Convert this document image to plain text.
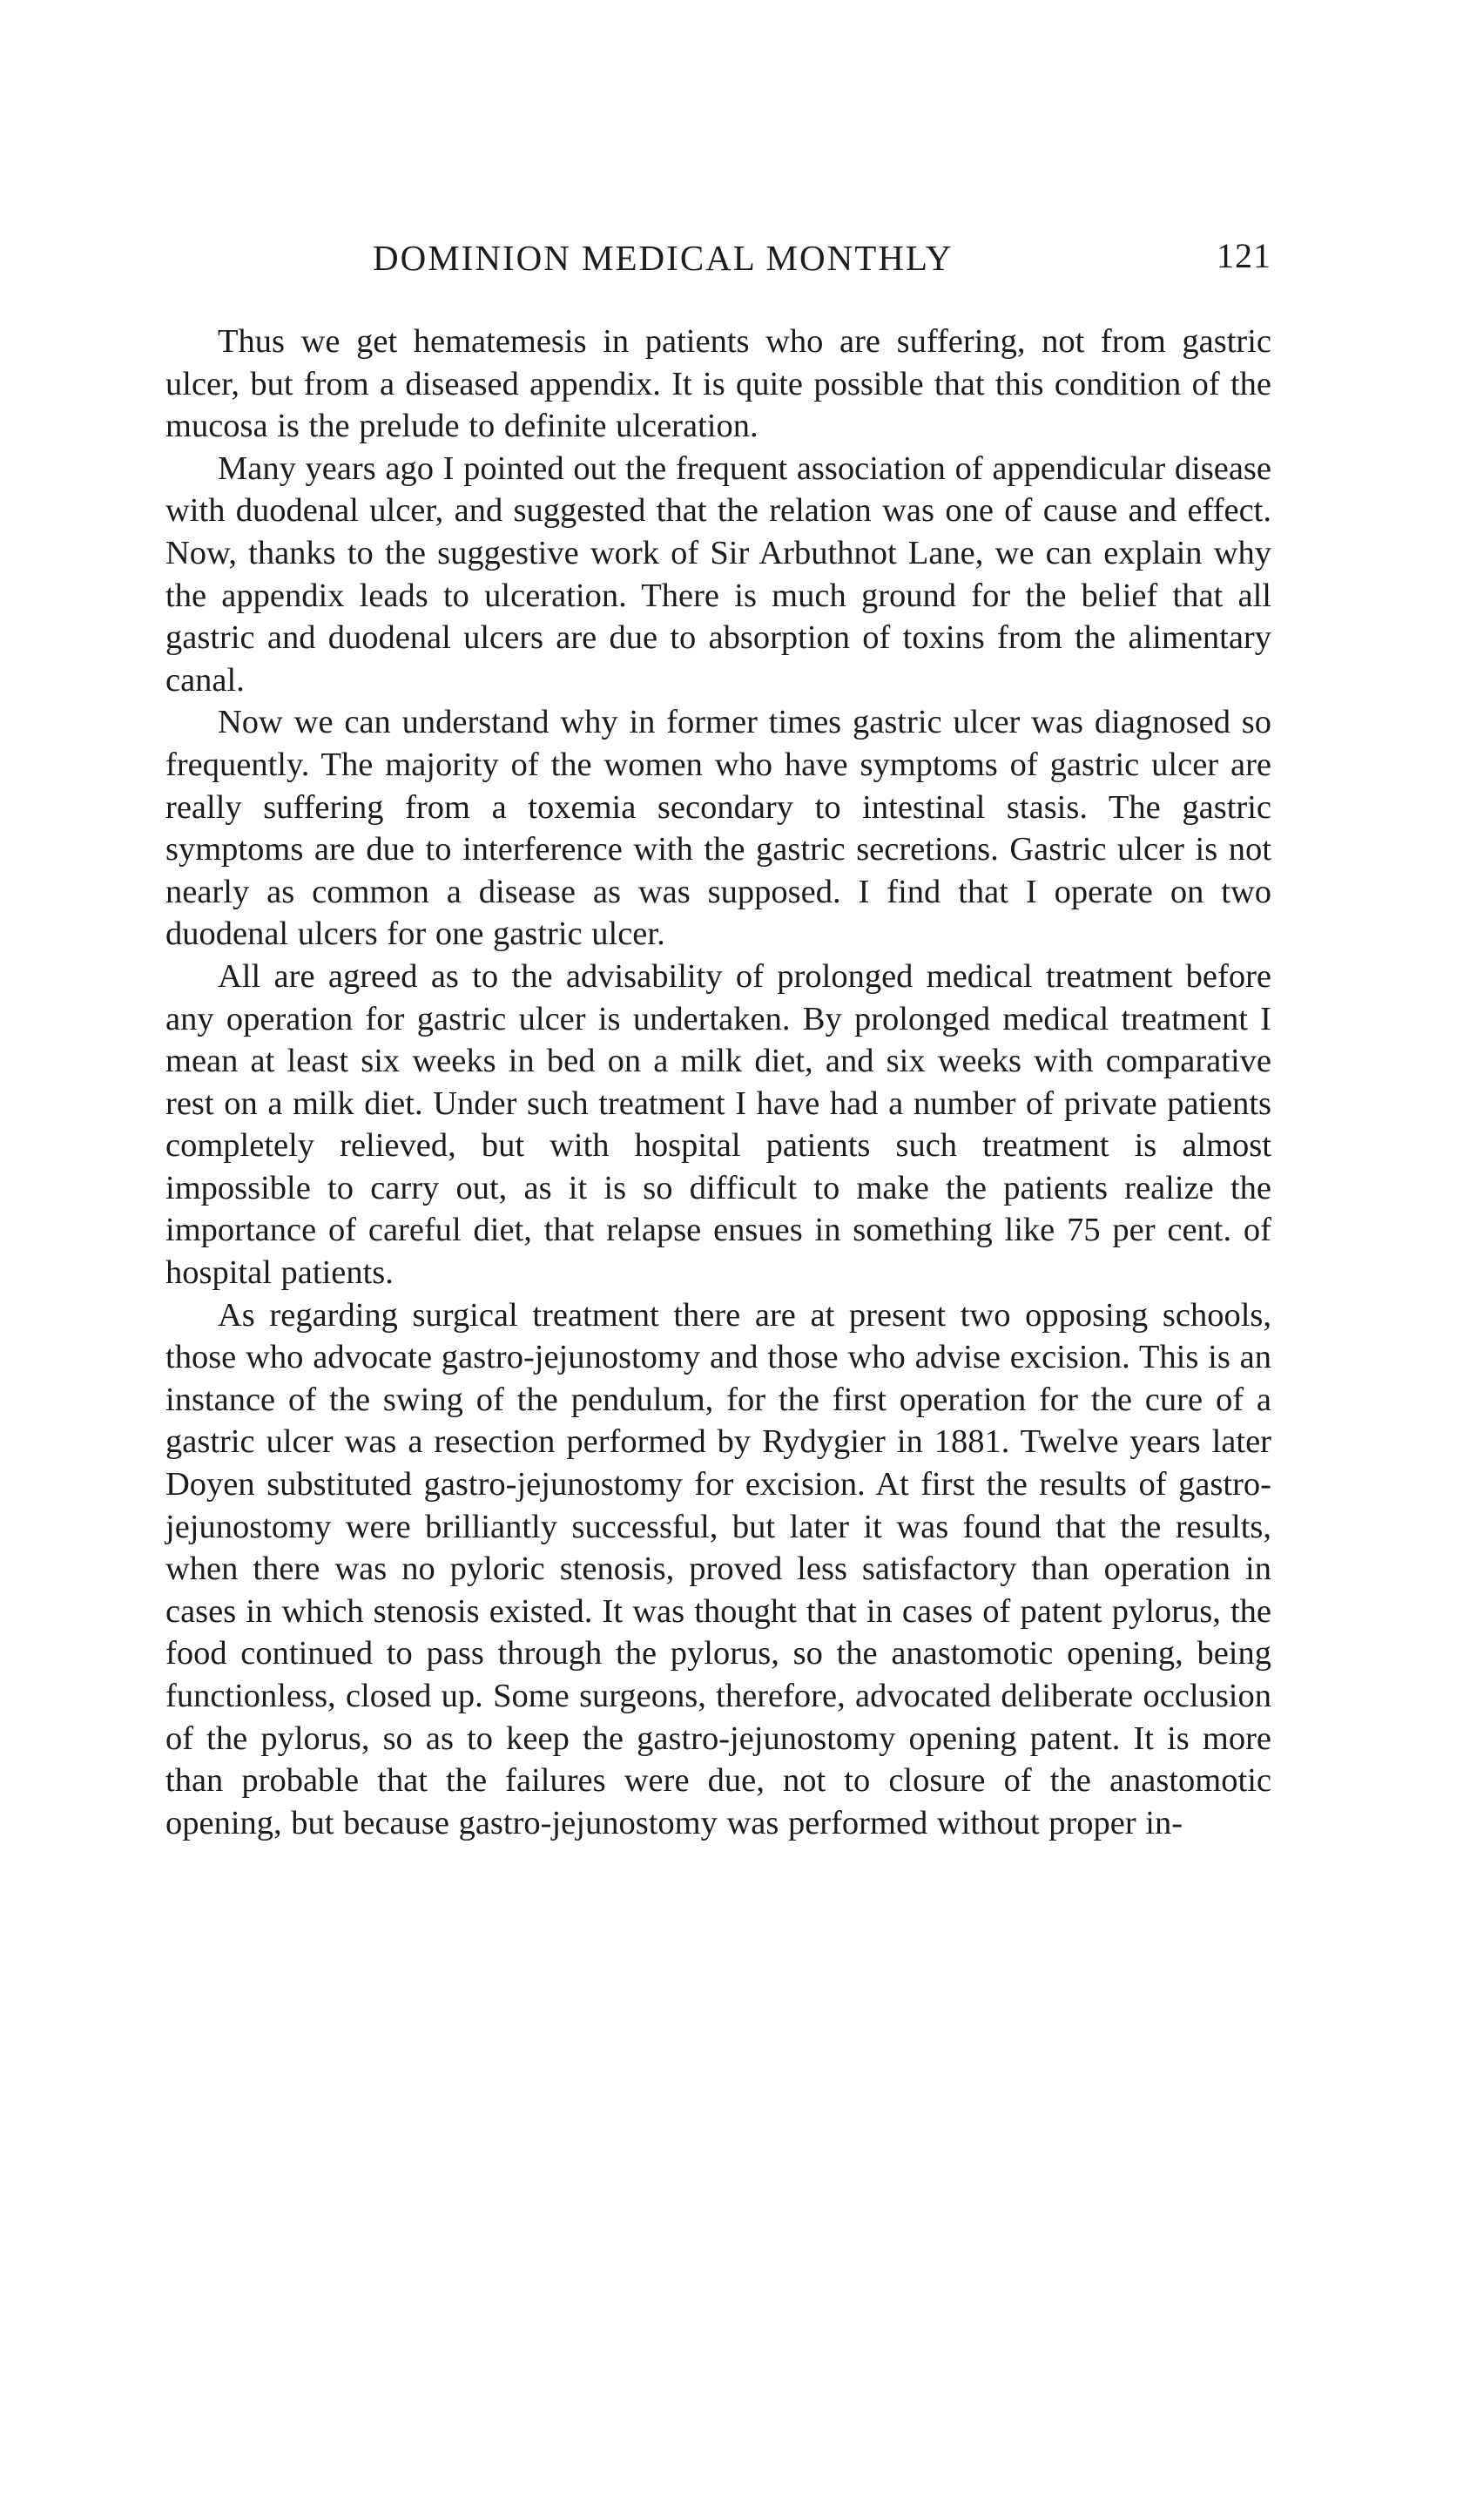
DOMINION MEDICAL MONTHLY	121

Thus we get hematemesis in patients who are suffering, not from gastric ulcer, but from a diseased appendix. It is quite possible that this condition of the mucosa is the prelude to definite ulceration.

Many years ago I pointed out the frequent association of appendicular disease with duodenal ulcer, and suggested that the relation was one of cause and effect. Now, thanks to the suggestive work of Sir Arbuthnot Lane, we can explain why the appendix leads to ulceration. There is much ground for the belief that all gastric and duodenal ulcers are due to absorption of toxins from the alimentary canal.

Now we can understand why in former times gastric ulcer was diagnosed so frequently. The majority of the women who have symptoms of gastric ulcer are really suffering from a toxemia secondary to intestinal stasis. The gastric symptoms are due to interference with the gastric secretions. Gastric ulcer is not nearly as common a disease as was supposed. I find that I operate on two duodenal ulcers for one gastric ulcer.

All are agreed as to the advisability of prolonged medical treatment before any operation for gastric ulcer is undertaken. By prolonged medical treatment I mean at least six weeks in bed on a milk diet, and six weeks with comparative rest on a milk diet. Under such treatment I have had a number of private patients completely relieved, but with hospital patients such treatment is almost impossible to carry out, as it is so difficult to make the patients realize the importance of careful diet, that relapse ensues in something like 75 per cent. of hospital patients.

As regarding surgical treatment there are at present two opposing schools, those who advocate gastro-jejunostomy and those who advise excision. This is an instance of the swing of the pendulum, for the first operation for the cure of a gastric ulcer was a resection performed by Rydygier in 1881. Twelve years later Doyen substituted gastro-jejunostomy for excision. At first the results of gastro-jejunostomy were brilliantly successful, but later it was found that the results, when there was no pyloric stenosis, proved less satisfactory than operation in cases in which stenosis existed. It was thought that in cases of patent pylorus, the food continued to pass through the pylorus, so the anastomotic opening, being functionless, closed up. Some surgeons, therefore, advocated deliberate occlusion of the pylorus, so as to keep the gastro-jejunostomy opening patent. It is more than probable that the failures were due, not to closure of the anastomotic opening, but because gastro-jejunostomy was performed without proper in-
